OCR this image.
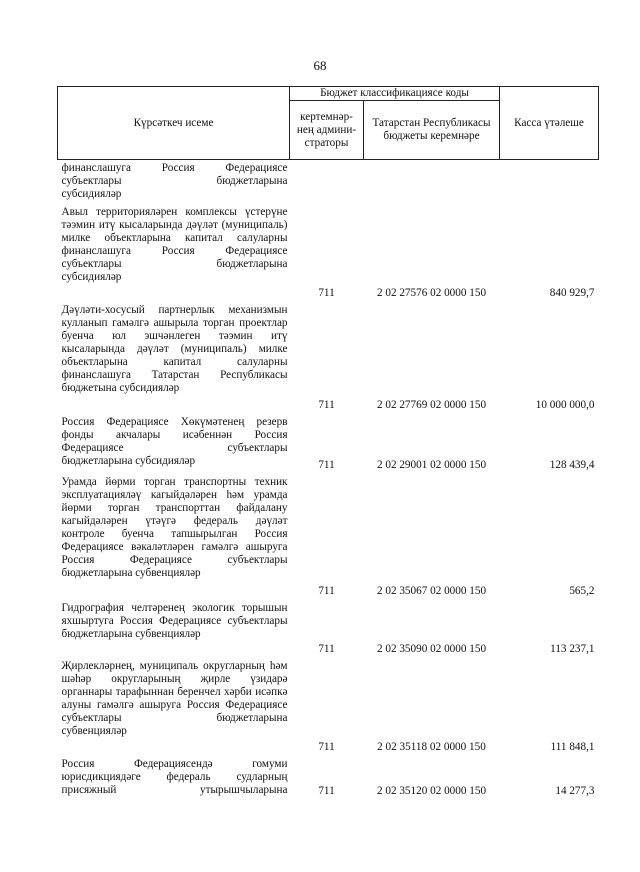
68
Күрсәткеч исеме	Бюджет классификациясе коды		Касса үтәлеше
	кертемнәр-нең админи-страторы	Татарстан Республикасы бюджеты керемнәре	
финанслашуга Россия Федерациясе субъектлары бюджетларына
субсидияләр			

Авыл территорияләрен комплексы үстерүне тәэмин итү кысаларында дәүләт (муниципаль) милке объектларына капитал салуларны финанслашуга Россия Федерациясе субъектлары бюджетларына
субсидияләр	711	2 02 27576 02 0000 150	840 929,7
Дәүләти-хосусый партнерлык механизмын кулланып гамәлгә ашырыла торган проектлар буенча юл эшчәнлеген тәэмин итү кысаларында дәүләт (муниципаль) милке объектларына капитал салуларны финанслашуга Татарстан Республикасы
бюджетына субсидияләр	711	2 02 27769 02 0000 150	10 000 000,0
Россия Федерациясе Хөкүмәтенең резерв фонды акчалары исәбеннән Россия Федерациясе субъектлары
бюджетларына субсидияләр	711	2 02 29001 02 0000 150	128 439,4
Урамда йөрми торган транспортны техник эксплуатацияләү кагыйдәләрен һәм урамда йөрми торган транспорттан файдалану кагыйдәләрен үтәүгә федераль дәүләт контроле буенча тапшырылган Россия Федерациясе вәкаләтләрен гамәлгә ашыруга Россия Федерациясе субъектлары
бюджетларына субвенцияләр	711	2 02 35067 02 0000 150	565,2
Гидрография челтәренең экологик торышын яхшыртуга Россия Федерациясе субъектлары
бюджетларына субвенцияләр	711	2 02 35090 02 0000 150	113 237,1
Җирлекләрнең, муниципаль округларның һәм шәһәр округларының җирле үзидарә органнары тарафыннан беренчел хәрби исәпкә алуны гамәлгә ашыруга Россия Федерациясе субъектлары бюджетларына
субвенцияләр	711	2 02 35118 02 0000 150	111 848,1
Россия Федерациясендә гомуми юрисдикциядәге федераль судларның присяжный утырышчыларына	711	2 02 35120 02 0000 150	14 277,3
